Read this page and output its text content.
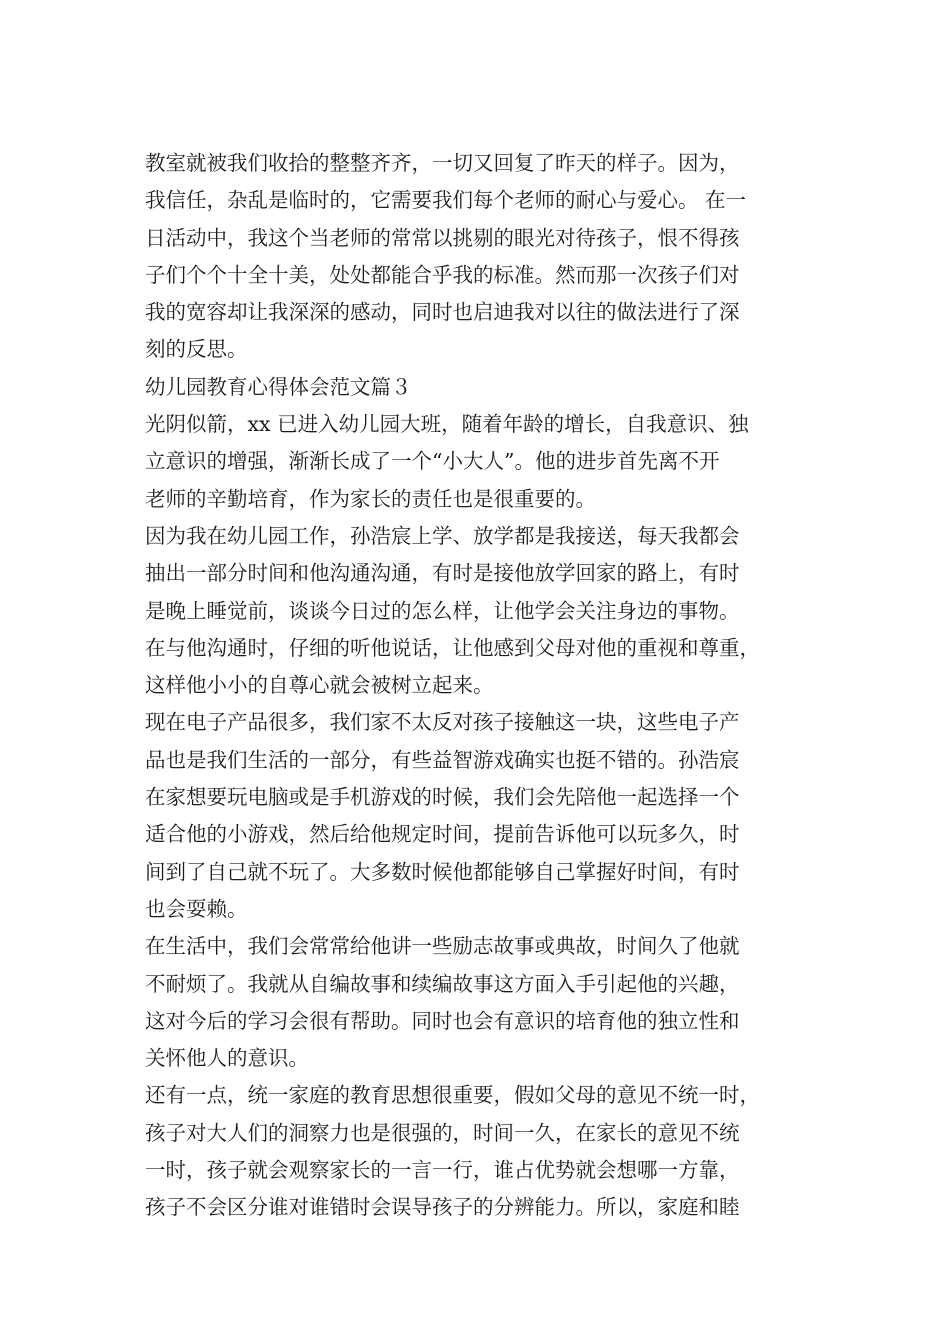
教室就被我们收拾的整整齐齐，一切又回复了昨天的样子。因为，
我信任，杂乱是临时的，它需要我们每个老师的耐心与爱心。 在一
日活动中，我这个当老师的常常以挑剔的眼光对待孩子，恨不得孩
子们个个十全十美，处处都能合乎我的标准。然而那一次孩子们对
我的宽容却让我深深的感动，同时也启迪我对以往的做法进行了深
刻的反思。
幼儿园教育心得体会范文篇３
光阴似箭，xx 已进入幼儿园大班，随着年龄的增长，自我意识、独
立意识的增强，渐渐长成了一个“小大人”。他的进步首先离不开
老师的辛勤培育，作为家长的责任也是很重要的。
因为我在幼儿园工作，孙浩宸上学、放学都是我接送，每天我都会
抽出一部分时间和他沟通沟通，有时是接他放学回家的路上，有时
是晚上睡觉前，谈谈今日过的怎么样，让他学会关注身边的事物。
在与他沟通时，仔细的听他说话，让他感到父母对他的重视和尊重，
这样他小小的自尊心就会被树立起来。
现在电子产品很多，我们家不太反对孩子接触这一块，这些电子产
品也是我们生活的一部分，有些益智游戏确实也挺不错的。孙浩宸
在家想要玩电脑或是手机游戏的时候，我们会先陪他一起选择一个
适合他的小游戏，然后给他规定时间，提前告诉他可以玩多久，时
间到了自己就不玩了。大多数时候他都能够自己掌握好时间，有时
也会耍赖。
在生活中，我们会常常给他讲一些励志故事或典故，时间久了他就
不耐烦了。我就从自编故事和续编故事这方面入手引起他的兴趣，
这对今后的学习会很有帮助。同时也会有意识的培育他的独立性和
关怀他人的意识。
还有一点，统一家庭的教育思想很重要，假如父母的意见不统一时，
孩子对大人们的洞察力也是很强的，时间一久，在家长的意见不统
一时，孩子就会观察家长的一言一行，谁占优势就会想哪一方靠，
孩子不会区分谁对谁错时会误导孩子的分辨能力。所以，家庭和睦
